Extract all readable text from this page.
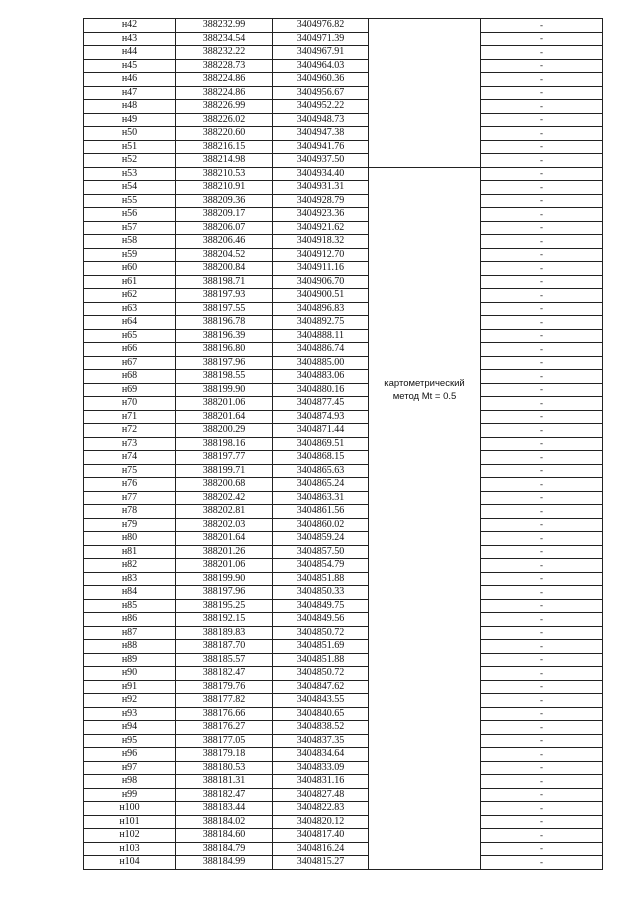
н42	388232.99	3404976.82		-
н43	388234.54	3404971.39		-
н44	388232.22	3404967.91		-
н45	388228.73	3404964.03		-
н46	388224.86	3404960.36		-
н47	388224.86	3404956.67		-
н48	388226.99	3404952.22		-
н49	388226.02	3404948.73		-
н50	388220.60	3404947.38		-
н51	388216.15	3404941.76		-
н52	388214.98	3404937.50		-
н53	388210.53	3404934.40		-
н54	388210.91	3404931.31		-
н55	388209.36	3404928.79		-
н56	388209.17	3404923.36		-
н57	388206.07	3404921.62		-
н58	388206.46	3404918.32		-
н59	388204.52	3404912.70		-
н60	388200.84	3404911.16		-
н61	388198.71	3404906.70		-
н62	388197.93	3404900.51		-
н63	388197.55	3404896.83		-
н64	388196.78	3404892.75		-
н65	388196.39	3404888.11		-
н66	388196.80	3404886.74		-
н67	388197.96	3404885.00		-
н68	388198.55	3404883.06		-
н69	388199.90	3404880.16	картометрический
метод Mt = 0.5	-
н70	388201.06	3404877.45		-
н71	388201.64	3404874.93		-
н72	388200.29	3404871.44		-
н73	388198.16	3404869.51		-
н74	388197.77	3404868.15		-
н75	388199.71	3404865.63		-
н76	388200.68	3404865.24		-
н77	388202.42	3404863.31		-
н78	388202.81	3404861.56		-
н79	388202.03	3404860.02		-
н80	388201.64	3404859.24		-
н81	388201.26	3404857.50		-
н82	388201.06	3404854.79		-
н83	388199.90	3404851.88		-
н84	388197.96	3404850.33		-
н85	388195.25	3404849.75		-
н86	388192.15	3404849.56		-
н87	388189.83	3404850.72		-
н88	388187.70	3404851.69		-
н89	388185.57	3404851.88		-
н90	388182.47	3404850.72		-
н91	388179.76	3404847.62		-
н92	388177.82	3404843.55		-
н93	388176.66	3404840.65		-
н94	388176.27	3404838.52		-
н95	388177.05	3404837.35		-
н96	388179.18	3404834.64		-
н97	388180.53	3404833.09		-
н98	388181.31	3404831.16		-
н99	388182.47	3404827.48		-
н100	388183.44	3404822.83		-
н101	388184.02	3404820.12		-
н102	388184.60	3404817.40		-
н103	388184.79	3404816.24		-
н104	388184.99	3404815.27		-
